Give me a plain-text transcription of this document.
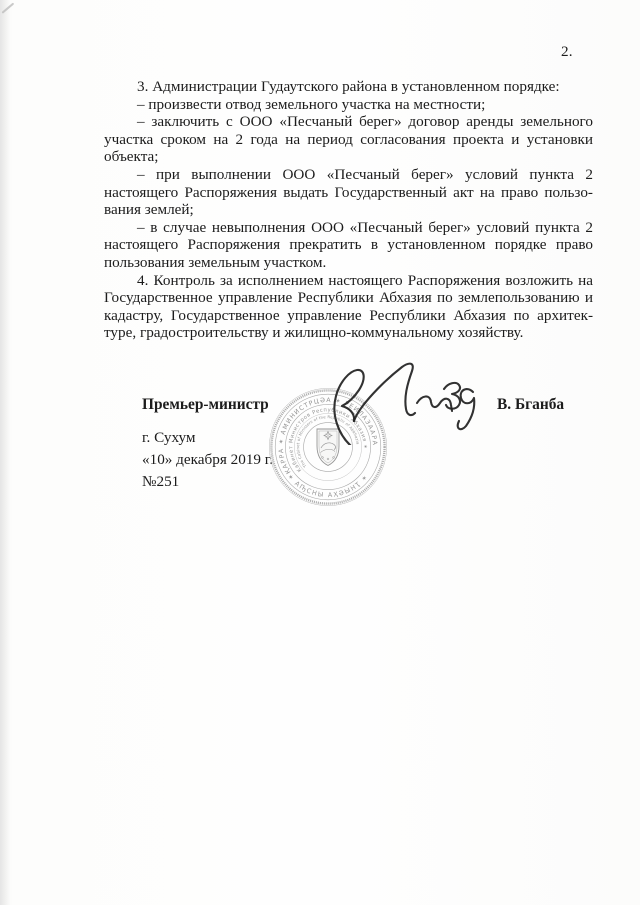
2.
3. Администрации Гудаутского района в установленном порядке:
– произвести отвод земельного участка на местности;
– заключить с ООО «Песчаный берег» договор аренды земельного
участка сроком на 2 года на период согласования проекта и установки
объекта;
– при выполнении ООО «Песчаный берег» условий пункта 2
настоящего Распоряжения выдать Государственный акт на право пользо-
вания землей;
– в случае невыполнения ООО «Песчаный берег» условий пункта 2
настоящего Распоряжения прекратить в установленном порядке право
пользования земельным участком.
4. Контроль за исполнением настоящего Распоряжения возложить на
Государственное управление Республики Абхазия по землепользованию и
кадастру, Государственное управление Республики Абхазия по архитек-
туре, градостроительству и жилищно-коммунальному хозяйству.
Премьер-министр	В. Бганба
г. Сухум
«10» декабря 2019 г.
№251
ҚАРРА ✶ АМИНИСТРЦӘА ✶ РЕИЛАЗААРА
✶ АҦСНЫ АҲӘЫНҬ ✶
Кабинет Министров Республики Абхазия ✶
The Cabinet of Ministers of the Republic of Abkhazia
